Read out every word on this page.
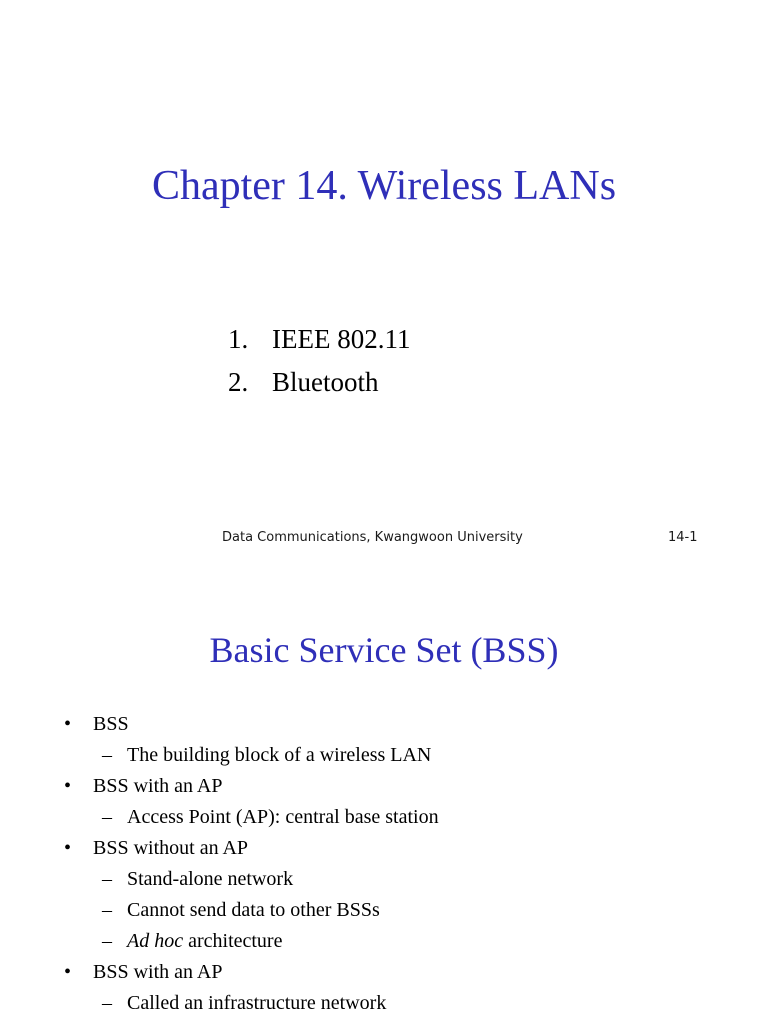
Chapter 14. Wireless LANs
1. IEEE 802.11
2. Bluetooth
Data Communications, Kwangwoon University	14-1
Basic Service Set (BSS)
• BSS
– The building block of a wireless LAN
• BSS with an AP
– Access Point (AP): central base station
• BSS without an AP
– Stand-alone network
– Cannot send data to other BSSs
– Ad hoc architecture
• BSS with an AP
– Called an infrastructure network
